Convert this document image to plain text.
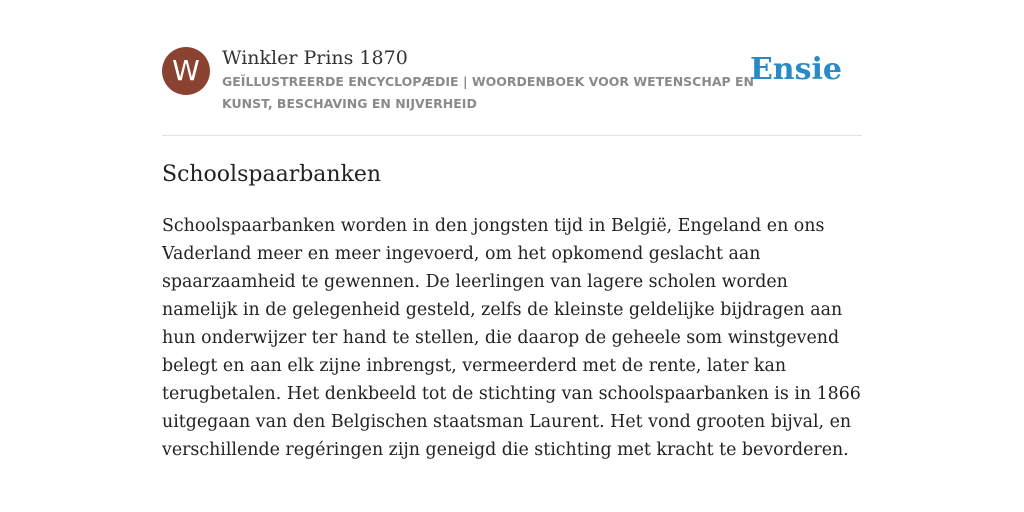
W	Winkler Prins 1870
GEÏLLUSTREERDE ENCYCLOPÆDIE | WOORDENBOEK VOOR WETENSCHAP EN KUNST, BESCHAVING EN NIJVERHEID
Ensie
Schoolspaarbanken

Schoolspaarbanken worden in den jongsten tijd in België, Engeland en ons Vaderland meer en meer ingevoerd, om het opkomend geslacht aan spaarzaamheid te gewennen. De leerlingen van lagere scholen worden namelijk in de gelegenheid gesteld, zelfs de kleinste geldelijke bijdragen aan hun onderwijzer ter hand te stellen, die daarop de geheele som winstgevend belegt en aan elk zijne inbrengst, vermeerderd met de rente, later kan terugbetalen. Het denkbeeld tot de stichting van schoolspaarbanken is in 1866 uitgegaan van den Belgischen staatsman Laurent. Het vond grooten bijval, en verschillende regéringen zijn geneigd die stichting met kracht te bevorderen.
